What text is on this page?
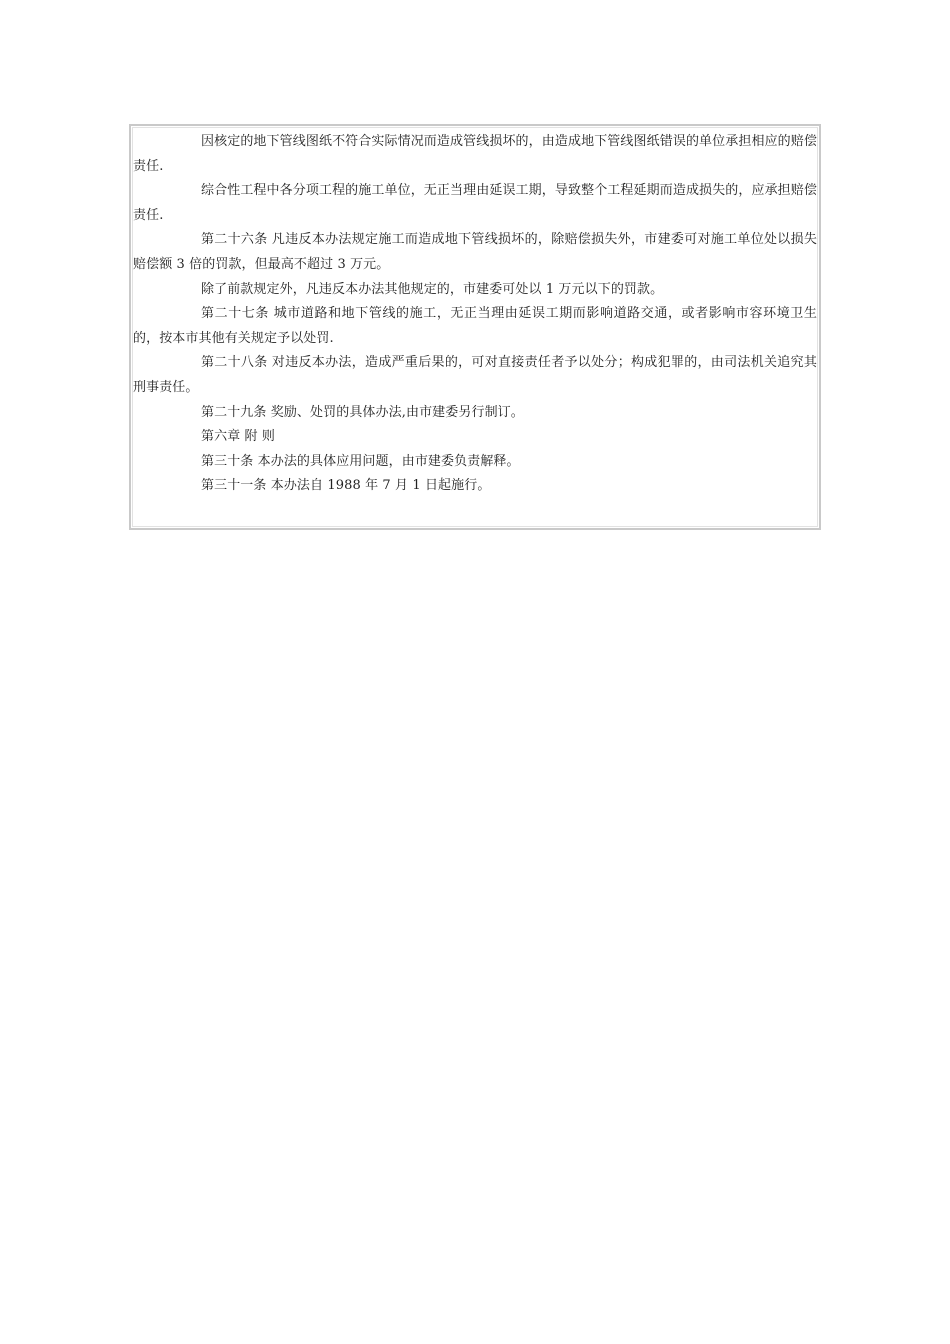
因核定的地下管线图纸不符合实际情况而造成管线损坏的，由造成地下管线图纸错误的单位承担相应的赔偿责任.

综合性工程中各分项工程的施工单位，无正当理由延误工期，导致整个工程延期而造成损失的，应承担赔偿责任.

第二十六条 凡违反本办法规定施工而造成地下管线损坏的，除赔偿损失外，市建委可对施工单位处以损失赔偿额 3 倍的罚款，但最高不超过 3 万元。

除了前款规定外，凡违反本办法其他规定的，市建委可处以 1 万元以下的罚款。

第二十七条 城市道路和地下管线的施工，无正当理由延误工期而影响道路交通，或者影响市容环境卫生的，按本市其他有关规定予以处罚.

第二十八条 对违反本办法，造成严重后果的，可对直接责任者予以处分；构成犯罪的，由司法机关追究其刑事责任。

第二十九条 奖励、处罚的具体办法,由市建委另行制订。

第六章 附 则

第三十条 本办法的具体应用问题，由市建委负责解释。

第三十一条 本办法自 1988 年 7 月 1 日起施行。
